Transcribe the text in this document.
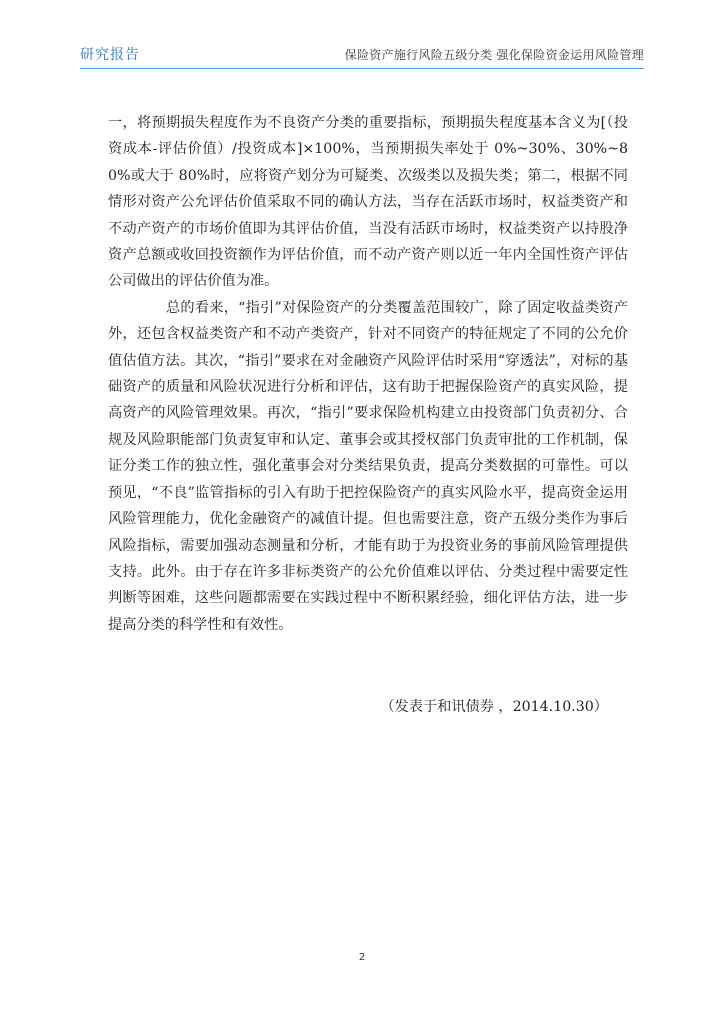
研究报告	保险资产施行风险五级分类 强化保险资金运用风险管理

一，将预期损失程度作为不良资产分类的重要指标，预期损失程度基本含义为[（投资成本-评估价值）/投资成本]×100%，当预期损失率处于 0%~30%、30%~80%或大于 80%时，应将资产划分为可疑类、次级类以及损失类；第二，根据不同情形对资产公允评估价值采取不同的确认方法，当存在活跃市场时，权益类资产和不动产资产的市场价值即为其评估价值，当没有活跃市场时，权益类资产以持股净资产总额或收回投资额作为评估价值，而不动产资产则以近一年内全国性资产评估公司做出的评估价值为准。

总的看来，“指引”对保险资产的分类覆盖范围较广，除了固定收益类资产外，还包含权益类资产和不动产类资产，针对不同资产的特征规定了不同的公允价值估值方法。其次，“指引”要求在对金融资产风险评估时采用“穿透法”，对标的基础资产的质量和风险状况进行分析和评估，这有助于把握保险资产的真实风险，提高资产的风险管理效果。再次，“指引”要求保险机构建立由投资部门负责初分、合规及风险职能部门负责复审和认定、董事会或其授权部门负责审批的工作机制，保证分类工作的独立性，强化董事会对分类结果负责，提高分类数据的可靠性。可以预见，“不良”监管指标的引入有助于把控保险资产的真实风险水平，提高资金运用风险管理能力，优化金融资产的减值计提。但也需要注意，资产五级分类作为事后风险指标，需要加强动态测量和分析，才能有助于为投资业务的事前风险管理提供支持。此外。由于存在许多非标类资产的公允价值难以评估、分类过程中需要定性判断等困难，这些问题都需要在实践过程中不断积累经验，细化评估方法，进一步提高分类的科学性和有效性。

（发表于和讯债券 ，2014.10.30）
2
